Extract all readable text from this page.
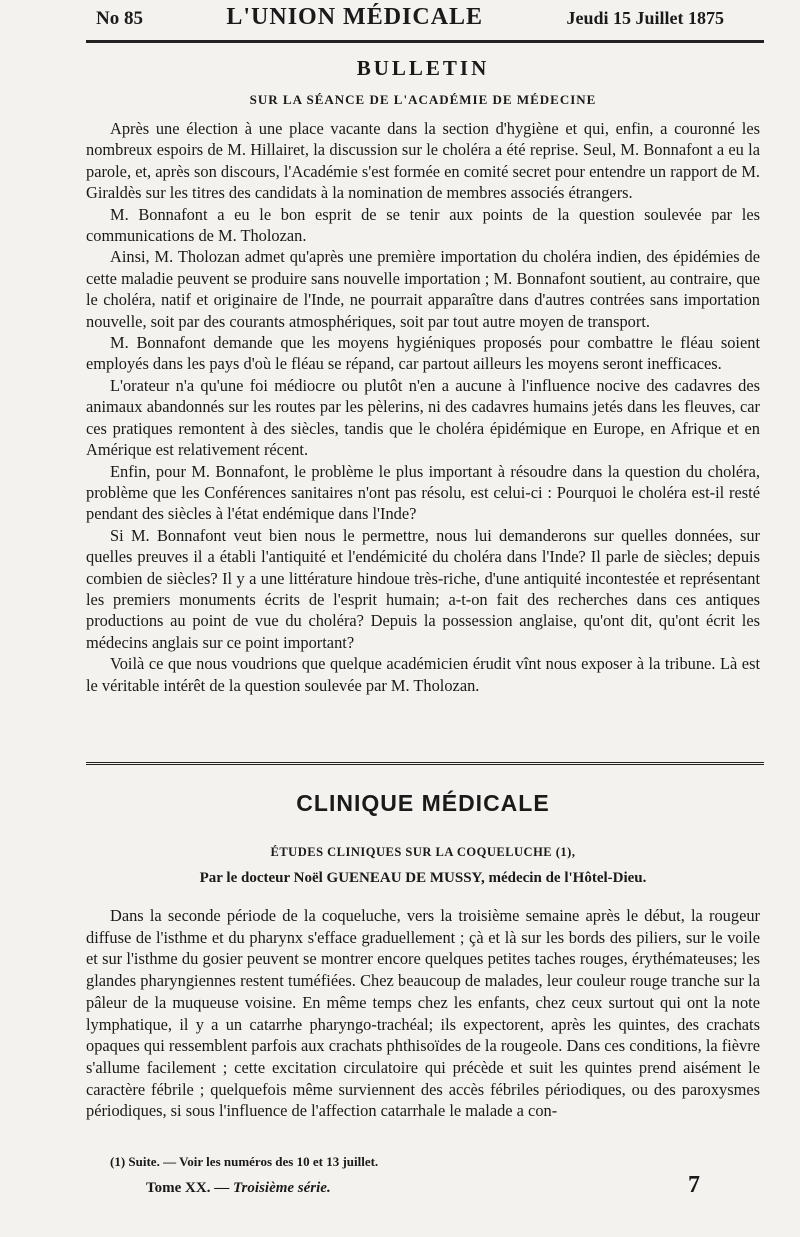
No 85	L'UNION MÉDICALE	Jeudi 15 Juillet 1875
BULLETIN
SUR LA SÉANCE DE L'ACADÉMIE DE MÉDECINE

Après une élection à une place vacante dans la section d'hygiène et qui, enfin, a couronné les nombreux espoirs de M. Hillairet, la discussion sur le choléra a été reprise. Seul, M. Bonnafont a eu la parole, et, après son discours, l'Académie s'est formée en comité secret pour entendre un rapport de M. Giraldès sur les titres des candidats à la nomination de membres associés étrangers.

M. Bonnafont a eu le bon esprit de se tenir aux points de la question soulevée par les communications de M. Tholozan.

Ainsi, M. Tholozan admet qu'après une première importation du choléra indien, des épidémies de cette maladie peuvent se produire sans nouvelle importation ; M. Bonnafont soutient, au contraire, que le choléra, natif et originaire de l'Inde, ne pourrait apparaître dans d'autres contrées sans importation nouvelle, soit par des courants atmosphériques, soit par tout autre moyen de transport.

M. Bonnafont demande que les moyens hygiéniques proposés pour combattre le fléau soient employés dans les pays d'où le fléau se répand, car partout ailleurs les moyens seront inefficaces.

L'orateur n'a qu'une foi médiocre ou plutôt n'en a aucune à l'influence nocive des cadavres des animaux abandonnés sur les routes par les pèlerins, ni des cadavres humains jetés dans les fleuves, car ces pratiques remontent à des siècles, tandis que le choléra épidémique en Europe, en Afrique et en Amérique est relativement récent.

Enfin, pour M. Bonnafont, le problème le plus important à résoudre dans la question du choléra, problème que les Conférences sanitaires n'ont pas résolu, est celui-ci : Pourquoi le choléra est-il resté pendant des siècles à l'état endémique dans l'Inde?

Si M. Bonnafont veut bien nous le permettre, nous lui demanderons sur quelles données, sur quelles preuves il a établi l'antiquité et l'endémicité du choléra dans l'Inde? Il parle de siècles; depuis combien de siècles? Il y a une littérature hindoue très-riche, d'une antiquité incontestée et représentant les premiers monuments écrits de l'esprit humain; a-t-on fait des recherches dans ces antiques productions au point de vue du choléra? Depuis la possession anglaise, qu'ont dit, qu'ont écrit les médecins anglais sur ce point important?

Voilà ce que nous voudrions que quelque académicien érudit vînt nous exposer à la tribune. Là est le véritable intérêt de la question soulevée par M. Tholozan.

CLINIQUE MÉDICALE
ÉTUDES CLINIQUES SUR LA COQUELUCHE (1),
Par le docteur Noël GUENEAU DE MUSSY, médecin de l'Hôtel-Dieu.

Dans la seconde période de la coqueluche, vers la troisième semaine après le début, la rougeur diffuse de l'isthme et du pharynx s'efface graduellement ; çà et là sur les bords des piliers, sur le voile et sur l'isthme du gosier peuvent se montrer encore quelques petites taches rouges, érythémateuses; les glandes pharyngiennes restent tuméfiées. Chez beaucoup de malades, leur couleur rouge tranche sur la pâleur de la muqueuse voisine. En même temps chez les enfants, chez ceux surtout qui ont la note lymphatique, il y a un catarrhe pharyngo-trachéal; ils expectorent, après les quintes, des crachats opaques qui ressemblent parfois aux crachats phthisoïdes de la rougeole. Dans ces conditions, la fièvre s'allume facilement ; cette excitation circulatoire qui précède et suit les quintes prend aisément le caractère fébrile ; quelquefois même surviennent des accès fébriles périodiques, ou des paroxysmes périodiques, si sous l'influence de l'affection catarrhale le malade a con-

(1) Suite. — Voir les numéros des 10 et 13 juillet.
Tome XX. — Troisième série.	7
